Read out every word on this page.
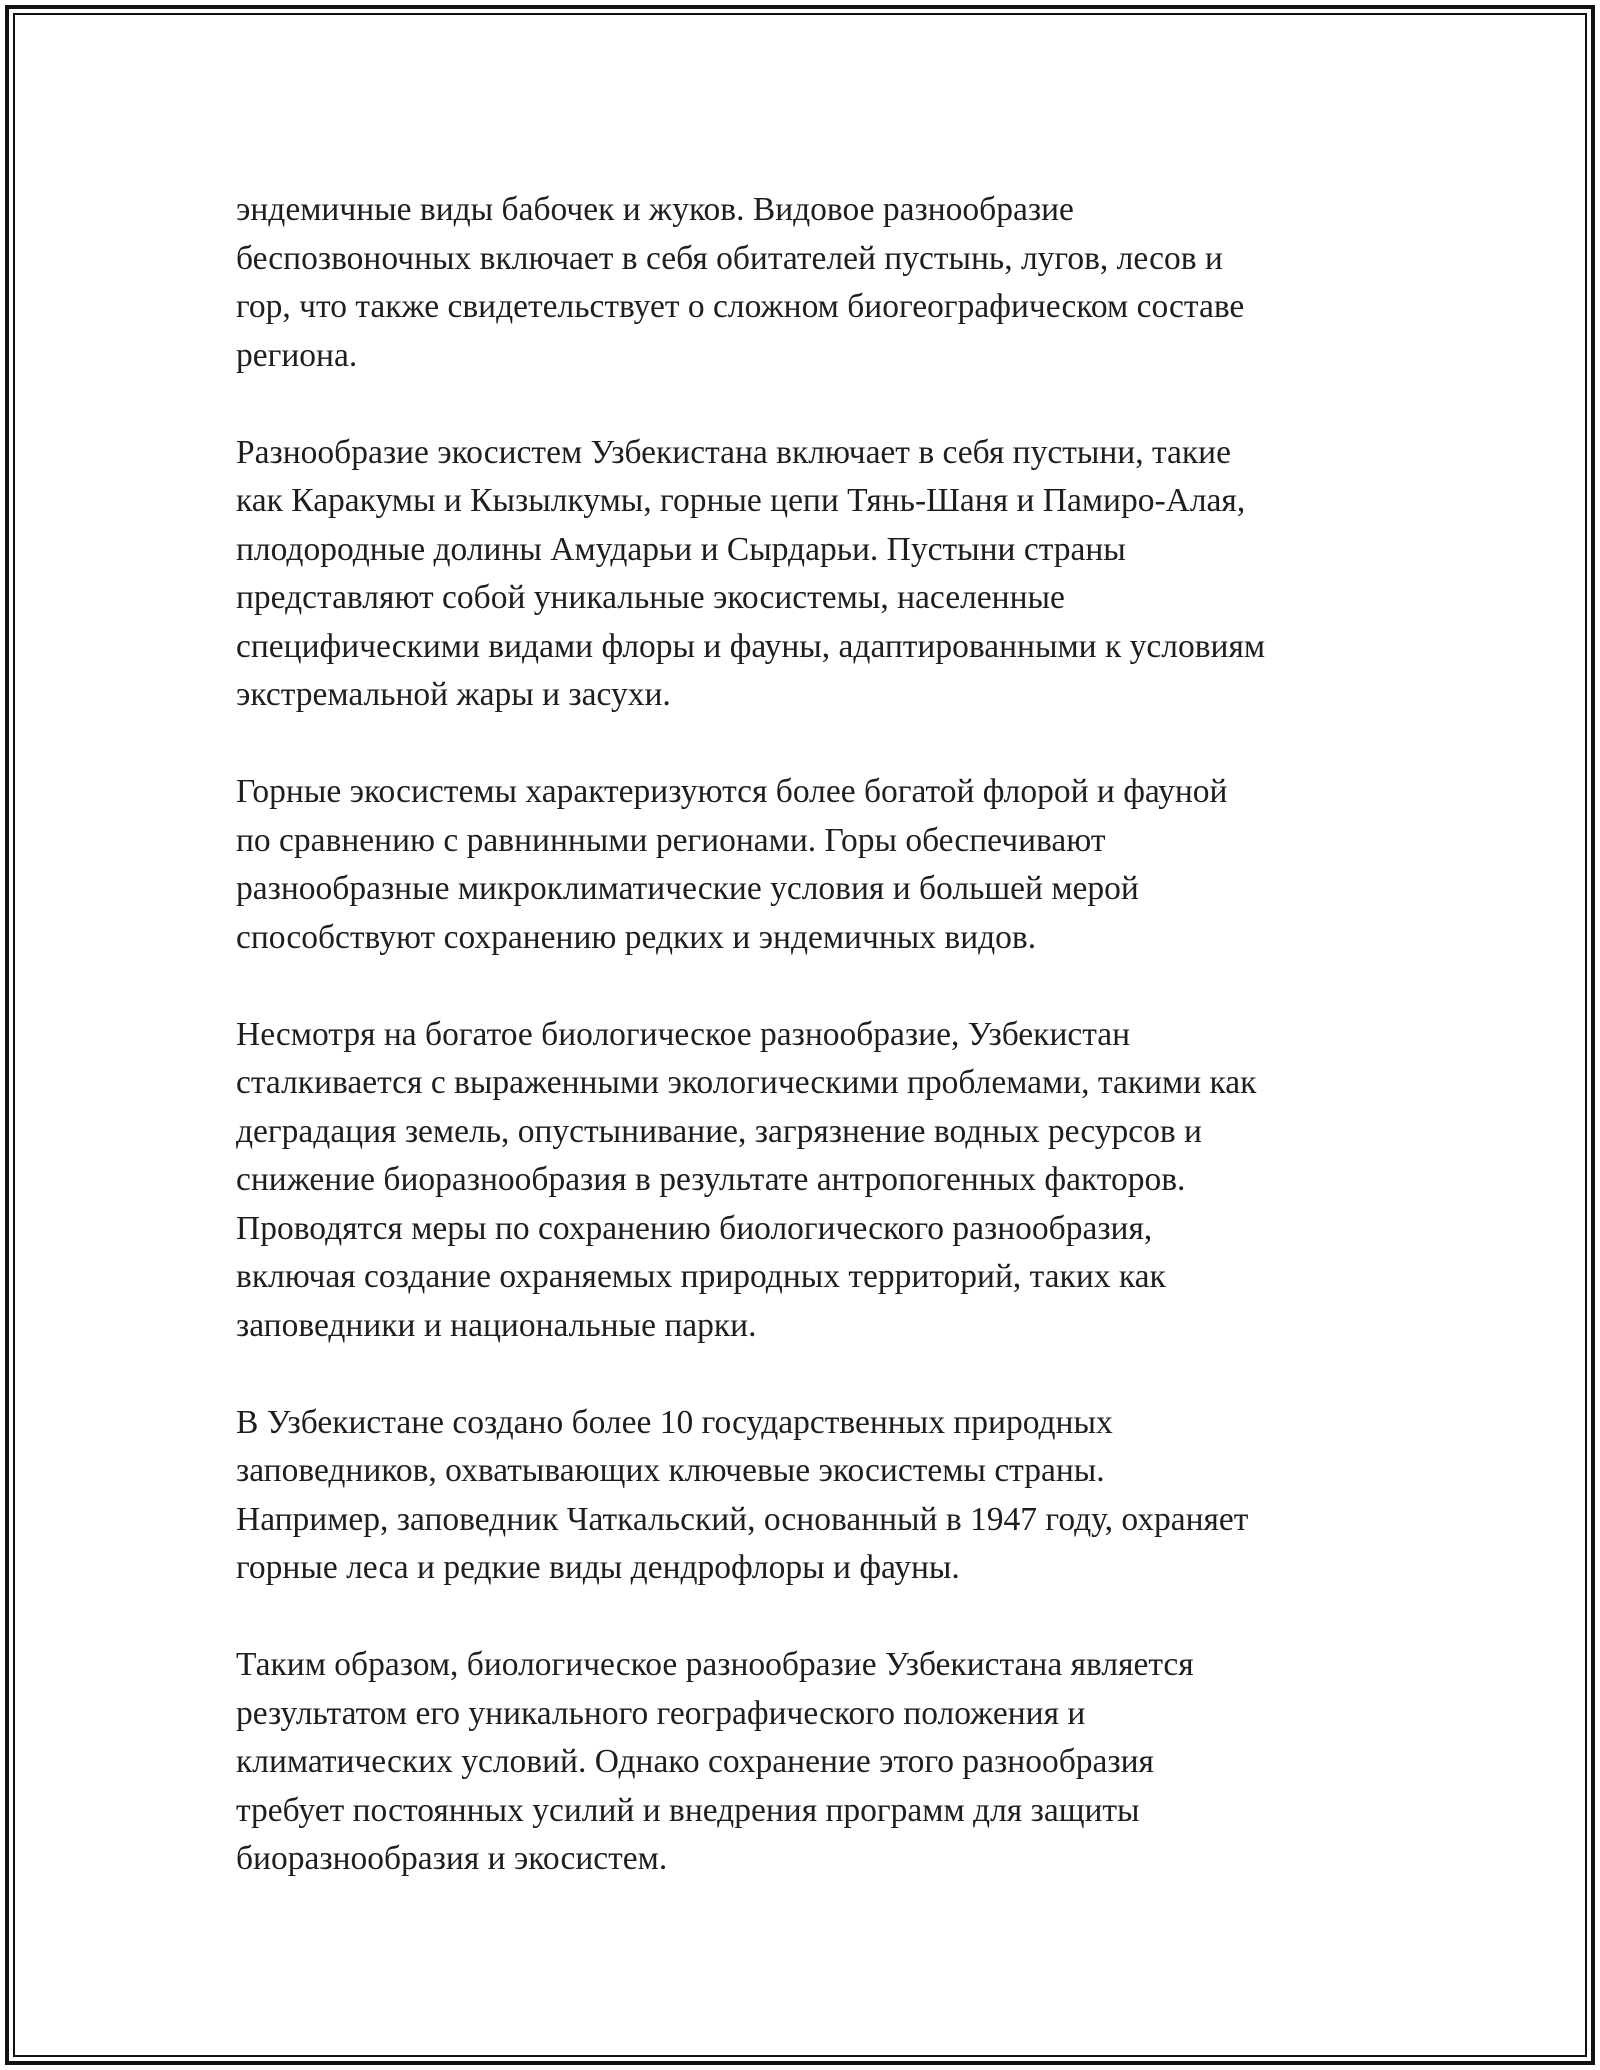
эндемичные виды бабочек и жуков. Видовое разнообразие
беспозвоночных включает в себя обитателей пустынь, лугов, лесов и
гор, что также свидетельствует о сложном биогеографическом составе
региона.

Разнообразие экосистем Узбекистана включает в себя пустыни, такие
как Каракумы и Кызылкумы, горные цепи Тянь-Шаня и Памиро-Алая,
плодородные долины Амударьи и Сырдарьи. Пустыни страны
представляют собой уникальные экосистемы, населенные
специфическими видами флоры и фауны, адаптированными к условиям
экстремальной жары и засухи.

Горные экосистемы характеризуются более богатой флорой и фауной
по сравнению с равнинными регионами. Горы обеспечивают
разнообразные микроклиматические условия и большей мерой
способствуют сохранению редких и эндемичных видов.

Несмотря на богатое биологическое разнообразие, Узбекистан
сталкивается с выраженными экологическими проблемами, такими как
деградация земель, опустынивание, загрязнение водных ресурсов и
снижение биоразнообразия в результате антропогенных факторов.
Проводятся меры по сохранению биологического разнообразия,
включая создание охраняемых природных территорий, таких как
заповедники и национальные парки.

В Узбекистане создано более 10 государственных природных
заповедников, охватывающих ключевые экосистемы страны.
Например, заповедник Чаткальский, основанный в 1947 году, охраняет
горные леса и редкие виды дендрофлоры и фауны.

Таким образом, биологическое разнообразие Узбекистана является
результатом его уникального географического положения и
климатических условий. Однако сохранение этого разнообразия
требует постоянных усилий и внедрения программ для защиты
биоразнообразия и экосистем.
